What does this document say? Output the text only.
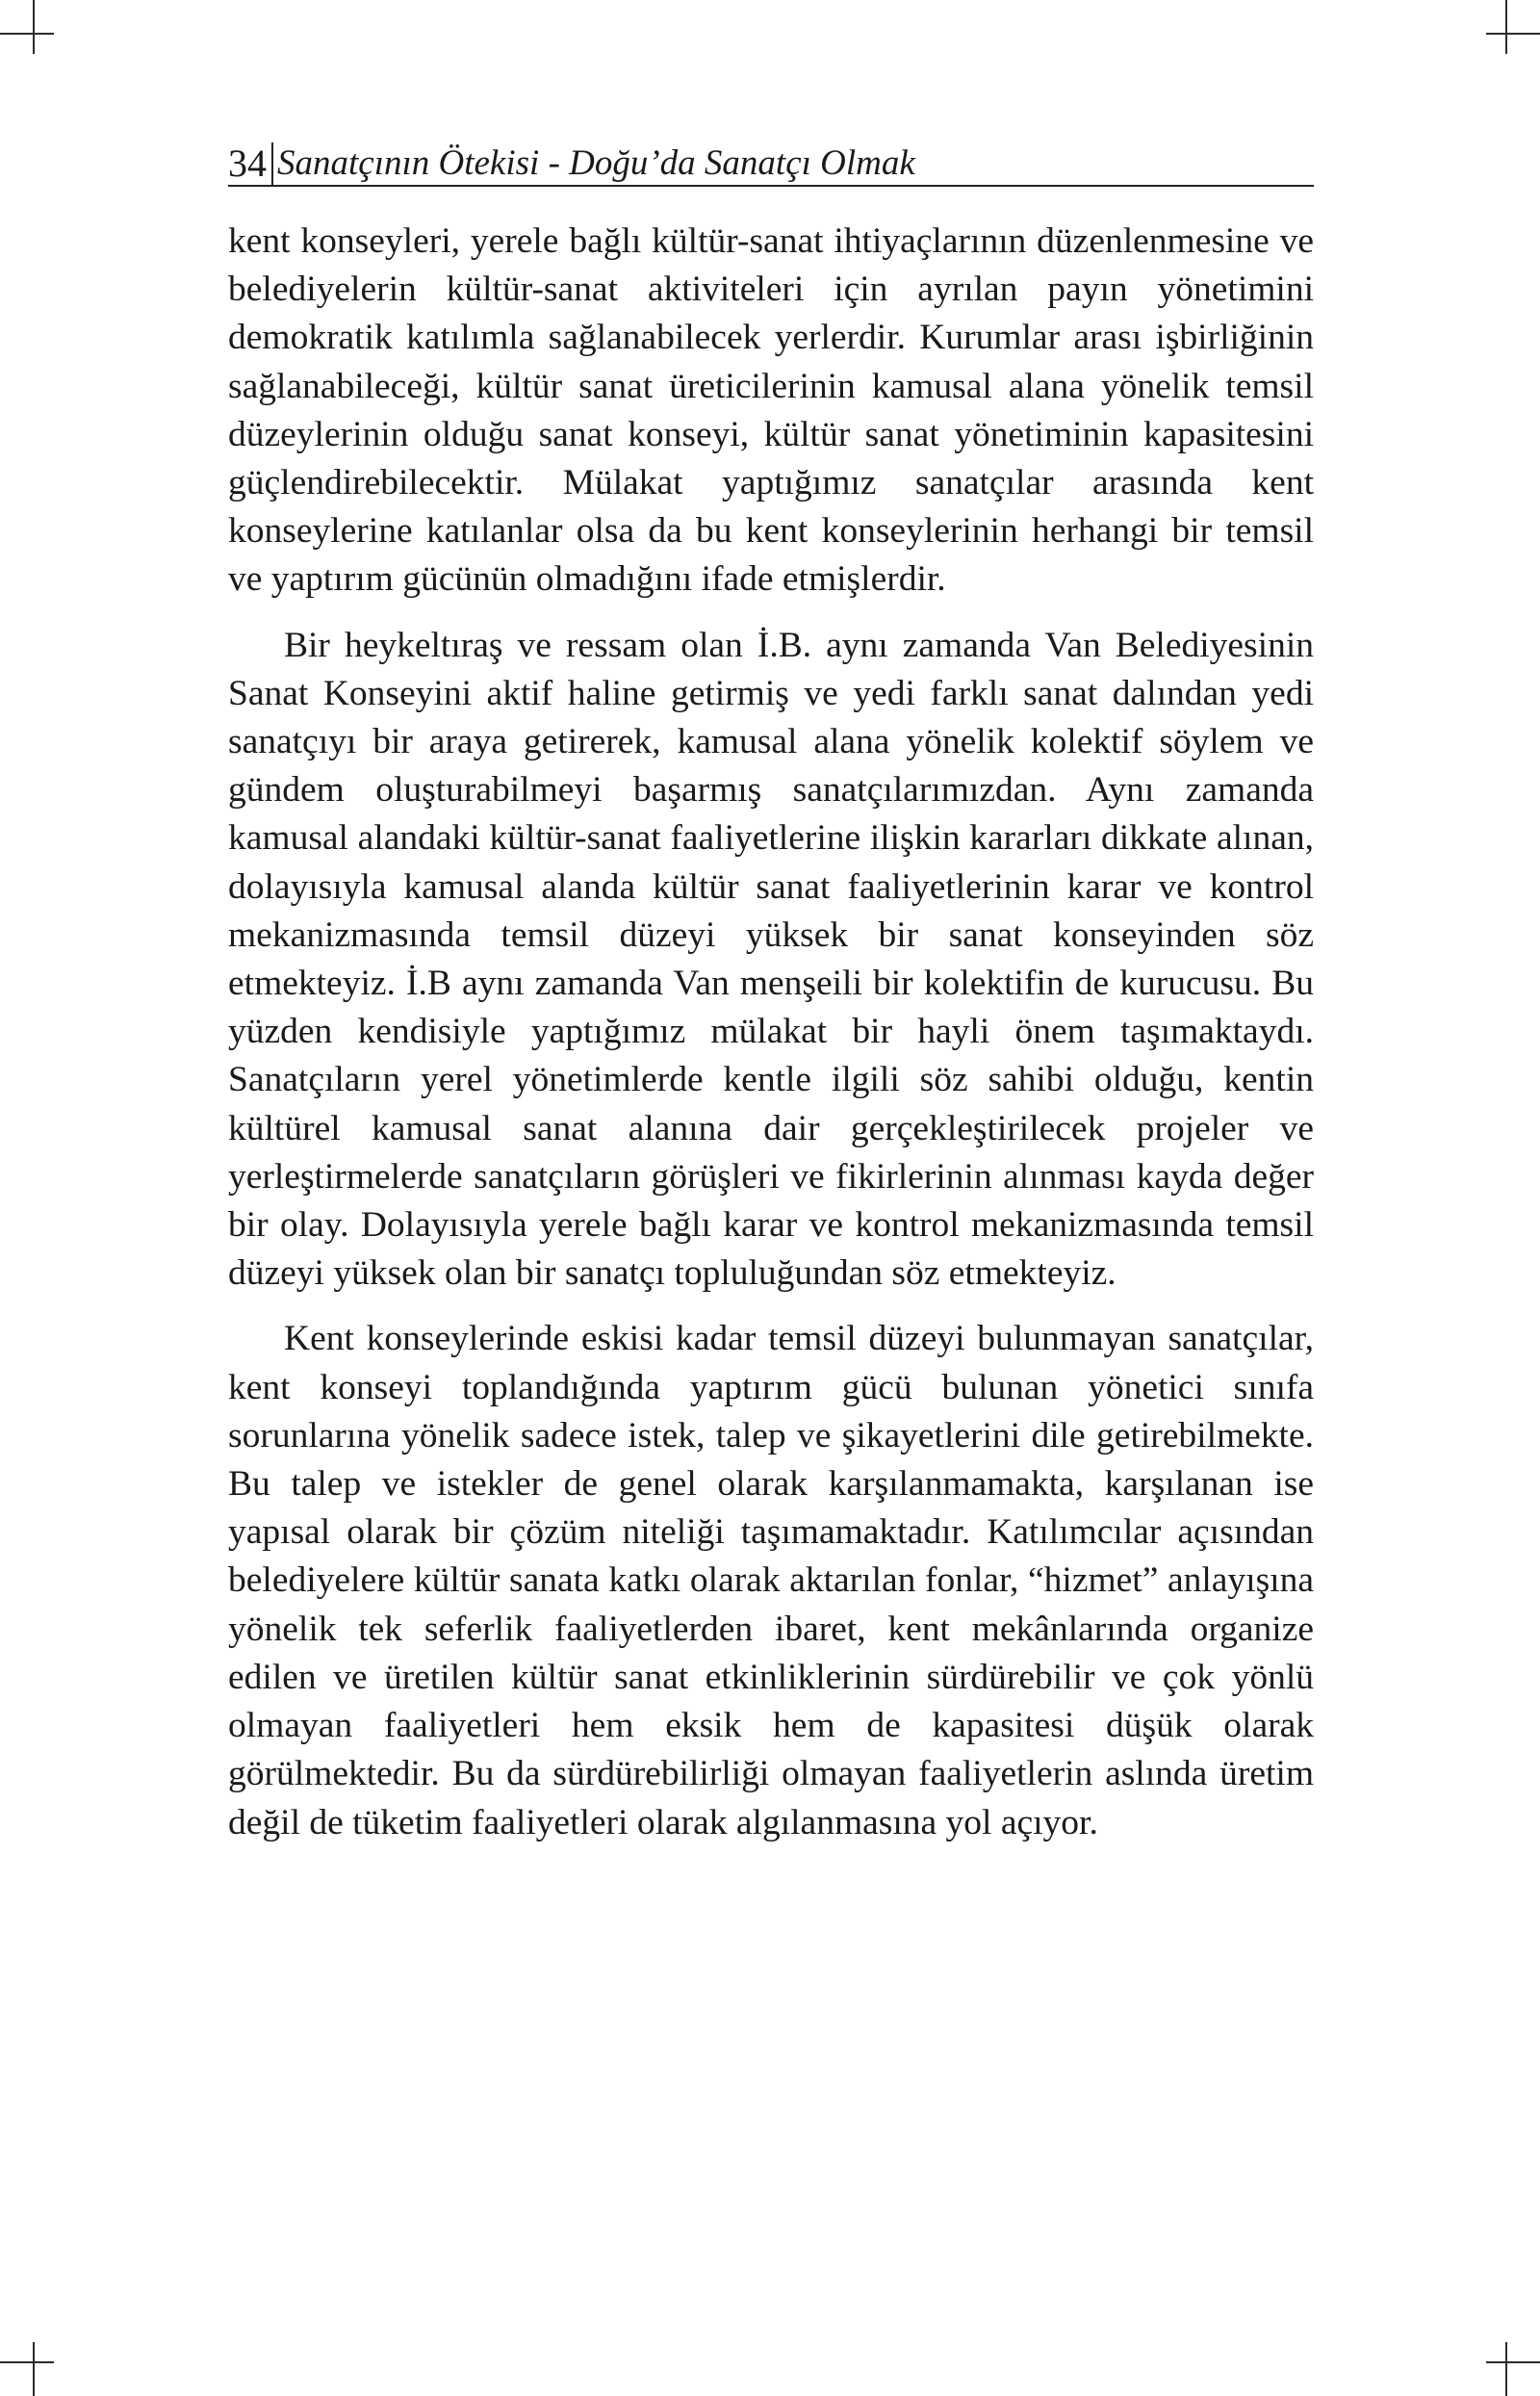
34 Sanatçının Ötekisi - Doğu’da Sanatçı Olmak

kent konseyleri, yerele bağlı kültür-sanat ihtiyaçlarının düzenlenmesine ve belediyelerin kültür-sanat aktiviteleri için ayrılan payın yönetimini demokratik katılımla sağlanabilecek yerlerdir. Kurumlar arası işbirliğinin sağlanabileceği, kültür sanat üreticilerinin kamusal alana yönelik temsil düzeylerinin olduğu sanat konseyi, kültür sanat yönetiminin kapasitesini güçlendirebilecektir. Mülakat yaptığımız sanatçılar arasında kent konseylerine katılanlar olsa da bu kent konseylerinin herhangi bir temsil ve yaptırım gücünün olmadığını ifade etmişlerdir.

Bir heykeltıraş ve ressam olan İ.B. aynı zamanda Van Belediyesinin Sanat Konseyini aktif haline getirmiş ve yedi farklı sanat dalından yedi sanatçıyı bir araya getirerek, kamusal alana yönelik kolektif söylem ve gündem oluşturabilmeyi başarmış sanatçılarımızdan. Aynı zamanda kamusal alandaki kültür-sanat faaliyetlerine ilişkin kararları dikkate alınan, dolayısıyla kamusal alanda kültür sanat faaliyetlerinin karar ve kontrol mekanizmasında temsil düzeyi yüksek bir sanat konseyinden söz etmekteyiz. İ.B aynı zamanda Van menşeili bir kolektifin de kurucusu. Bu yüzden kendisiyle yaptığımız mülakat bir hayli önem taşımaktaydı. Sanatçıların yerel yönetimlerde kentle ilgili söz sahibi olduğu, kentin kültürel kamusal sanat alanına dair gerçekleştirilecek projeler ve yerleştirmelerde sanatçıların görüşleri ve fikirlerinin alınması kayda değer bir olay. Dolayısıyla yerele bağlı karar ve kontrol mekanizmasında temsil düzeyi yüksek olan bir sanatçı topluluğundan söz etmekteyiz.

Kent konseylerinde eskisi kadar temsil düzeyi bulunmayan sanatçılar, kent konseyi toplandığında yaptırım gücü bulunan yönetici sınıfa sorunlarına yönelik sadece istek, talep ve şikayetlerini dile getirebilmekte. Bu talep ve istekler de genel olarak karşılanmamakta, karşılanan ise yapısal olarak bir çözüm niteliği taşımamaktadır. Katılımcılar açısından belediyelere kültür sanata katkı olarak aktarılan fonlar, “hizmet” anlayışına yönelik tek seferlik faaliyetlerden ibaret, kent mekânlarında organize edilen ve üretilen kültür sanat etkinliklerinin sürdürebilir ve çok yönlü olmayan faaliyetleri hem eksik hem de kapasitesi düşük olarak görülmektedir. Bu da sürdürebilirliği olmayan faaliyetlerin aslında üretim değil de tüketim faaliyetleri olarak algılanmasına yol açıyor.
